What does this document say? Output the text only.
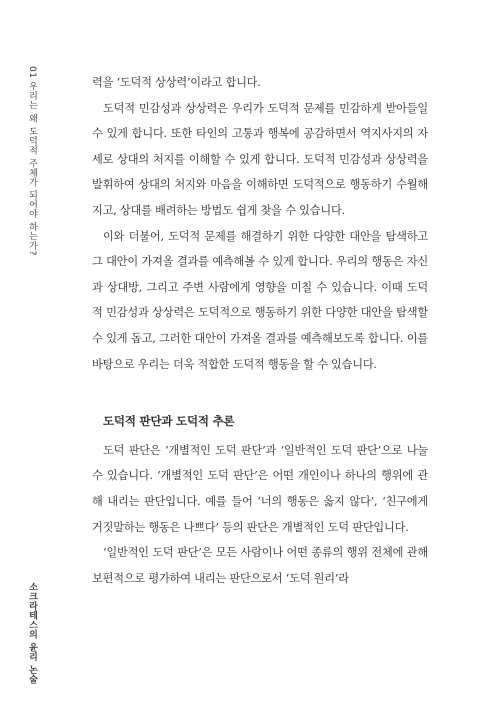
01 우리는 왜 도덕적 주체가 되어야 하는가?
소크라테스의 윤리 논술

력을 ‘도덕적 상상력’이라고 합니다.

도덕적 민감성과 상상력은 우리가 도덕적 문제를 민감하게 받아들일 수 있게 합니다. 또한 타인의 고통과 행복에 공감하면서 역지사지의 자세로 상대의 처지를 이해할 수 있게 합니다. 도덕적 민감성과 상상력을 발휘하여 상대의 처지와 마음을 이해하면 도덕적으로 행동하기 수월해지고, 상대를 배려하는 방법도 쉽게 찾을 수 있습니다.

이와 더불어, 도덕적 문제를 해결하기 위한 다양한 대안을 탐색하고 그 대안이 가져올 결과를 예측해볼 수 있게 합니다. 우리의 행동은 자신과 상대방, 그리고 주변 사람에게 영향을 미칠 수 있습니다. 이때 도덕적 민감성과 상상력은 도덕적으로 행동하기 위한 다양한 대안을 탐색할 수 있게 돕고, 그러한 대안이 가져올 결과를 예측해보도록 합니다. 이를 바탕으로 우리는 더욱 적합한 도덕적 행동을 할 수 있습니다.

도덕적 판단과 도덕적 추론

도덕 판단은 ‘개별적인 도덕 판단’과 ‘일반적인 도덕 판단’으로 나눌 수 있습니다. ‘개별적인 도덕 판단’은 어떤 개인이나 하나의 행위에 관해 내리는 판단입니다. 예를 들어 ‘너의 행동은 옳지 않다’, ‘친구에게 거짓말하는 행동은 나쁘다’ 등의 판단은 개별적인 도덕 판단입니다.

‘일반적인 도덕 판단’은 모든 사람이나 어떤 종류의 행위 전체에 관해 보편적으로 평가하여 내리는 판단으로서 ‘도덕 원리’라
